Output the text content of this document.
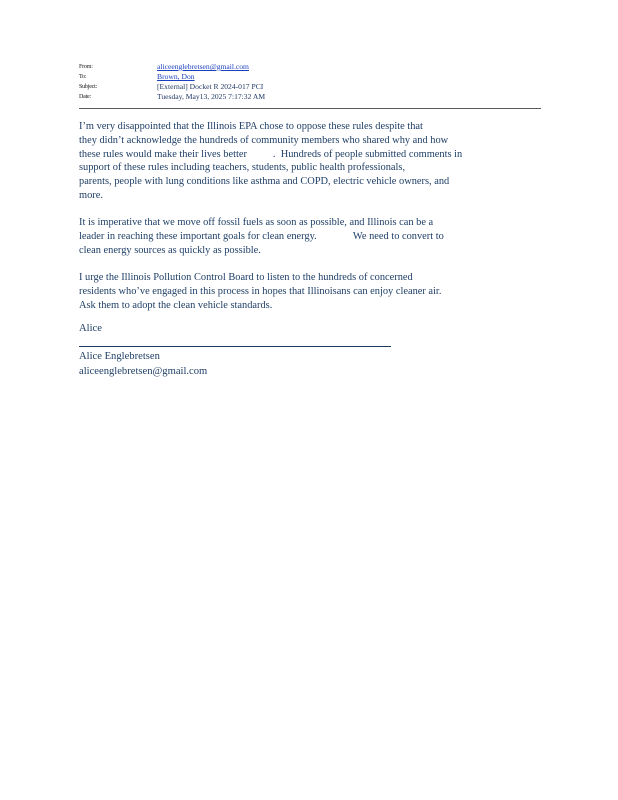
From:	aliceenglebretsen@gmail.com
To:	Brown, Don
Subject:	[External] Docket R 2024-017 PCI
Date:	Tuesday, May13, 2025 7:17:32 AM
I’m very disappointed that the Illinois EPA chose to oppose these rules despite that
they didn’t acknowledge the hundreds of community members who shared why and how
these rules would make their lives better          .  Hundreds of people submitted comments in
support of these rules including teachers, students, public health professionals,
parents, people with lung conditions like asthma and COPD, electric vehicle owners, and
more.
It is imperative that we move off fossil fuels as soon as possible, and Illinois can be a
leader in reaching these important goals for clean energy.              We need to convert to
clean energy sources as quickly as possible.
I urge the Illinois Pollution Control Board to listen to the hundreds of concerned
residents who’ve engaged in this process in hopes that Illinoisans can enjoy cleaner air.
Ask them to adopt the clean vehicle standards.
Alice
Alice Englebretsen
aliceenglebretsen@gmail.com
